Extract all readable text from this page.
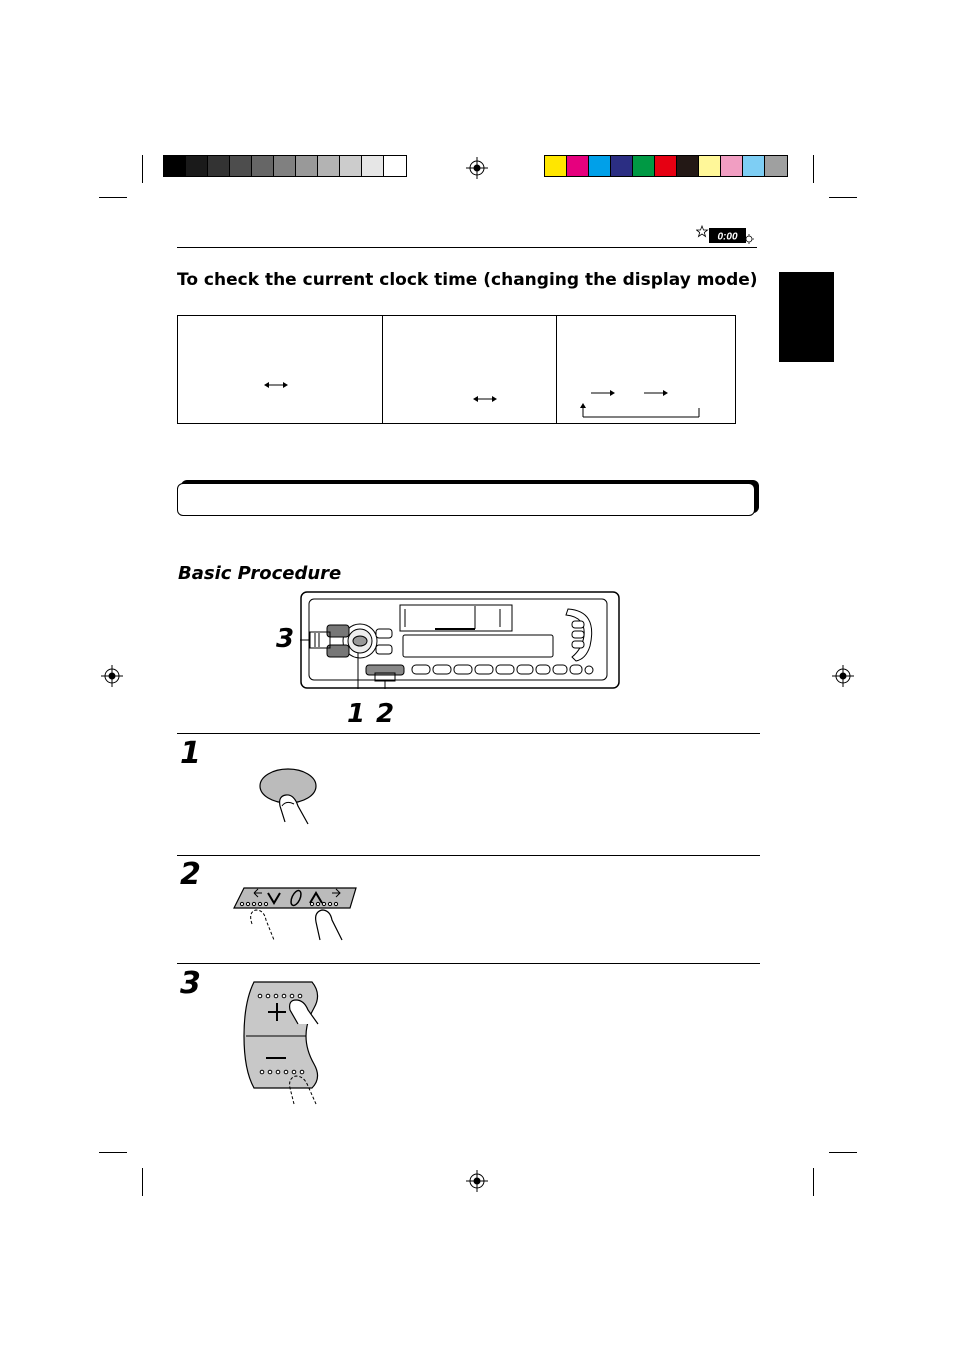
0:00
To check the current clock time (changing the display mode)
Basic Procedure
3
1 2
1
2
3
